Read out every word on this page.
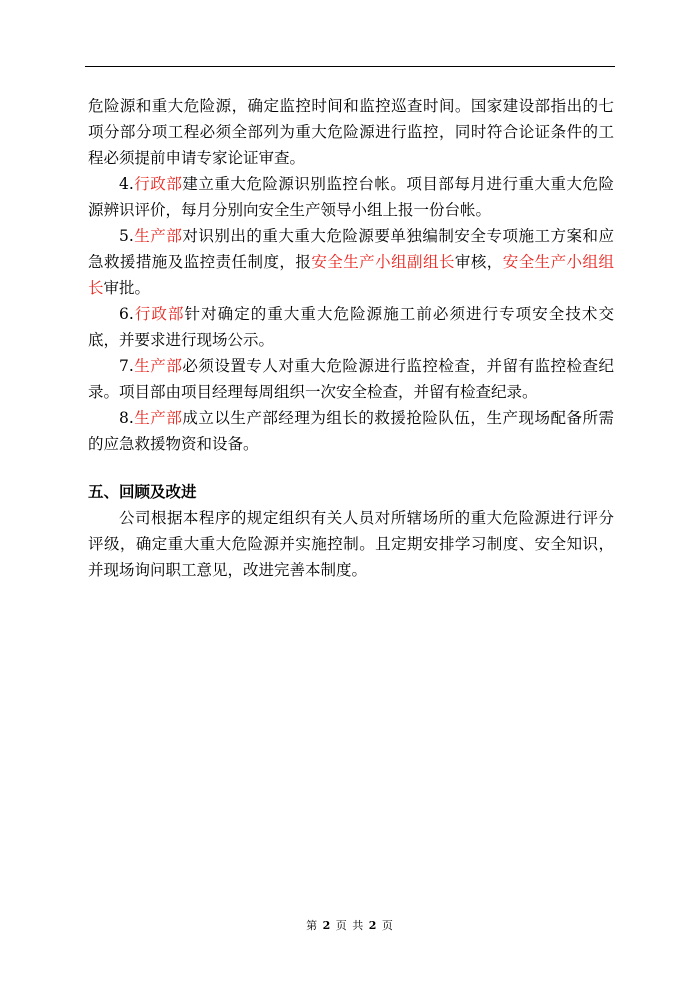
危险源和重大危险源，确定监控时间和监控巡查时间。国家建设部指出的七项分部分项工程必须全部列为重大危险源进行监控，同时符合论证条件的工程必须提前申请专家论证审查。

4.行政部建立重大危险源识别监控台帐。项目部每月进行重大重大危险源辨识评价，每月分别向安全生产领导小组上报一份台帐。

5.生产部对识别出的重大重大危险源要单独编制安全专项施工方案和应急救援措施及监控责任制度，报安全生产小组副组长审核，安全生产小组组长审批。

6.行政部针对确定的重大重大危险源施工前必须进行专项安全技术交底，并要求进行现场公示。

7.生产部必须设置专人对重大危险源进行监控检查，并留有监控检查纪录。项目部由项目经理每周组织一次安全检查，并留有检查纪录。

8.生产部成立以生产部经理为组长的救援抢险队伍，生产现场配备所需的应急救援物资和设备。

五、回顾及改进

公司根据本程序的规定组织有关人员对所辖场所的重大危险源进行评分评级，确定重大重大危险源并实施控制。且定期安排学习制度、安全知识，并现场询问职工意见，改进完善本制度。

第 2 页 共 2 页
